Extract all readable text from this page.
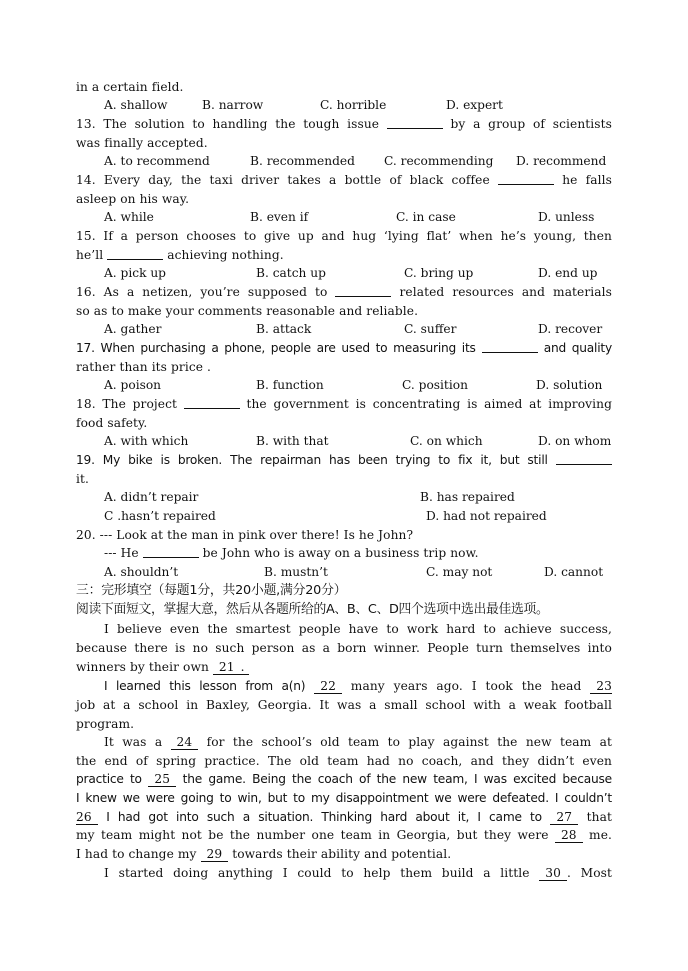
in a certain field.
A. shallow	B. narrow	C. horrible	D. expert
13. The solution to handling the tough issue	by a group of scientists
was finally accepted.
A. to recommend	B. recommended C. recommending D. recommend
14. Every day, the taxi driver takes a bottle of black coffee	he falls
asleep on his way.
A. while	B. even if	C. in case	D. unless
15. If a person chooses to give up and hug ‘lying flat’ when he’s young, then
he’ll	achieving nothing.
A. pick up	B. catch up	C. bring up	D. end up
16. As a netizen, you’re supposed to	related resources and materials
so as to make your comments reasonable and reliable.
A. gather	B. attack	C. suffer	D. recover
17. When purchasing a phone, people are used to measuring its	and quality
rather than its price .
A. poison	B. function	C. position	D. solution
18. The project	the government is concentrating is aimed at improving
food safety.
A. with which	B. with that	C. on which	D. on whom
19. My bike is broken. The repairman has been trying to fix it, but still
it.
A. didn’t repair	B. has repaired
C .hasn’t repaired	D. had not repaired
20. --- Look at the man in pink over there! Is he John?
--- He	be John who is away on a business trip now.
A. shouldn’t	B. mustn’t	C. may not	D. cannot
三：完形填空（每题1分，共20小题,满分20分）
阅读下面短文，掌握大意，然后从各题所给的A、B、C、D四个选项中选出最佳选项。
I believe even the smartest people have to work hard to achieve success,
because there is no such person as a born winner. People turn themselves into
winners by their own 21 .
I learned this lesson from a(n) 22 many years ago. I took the head 23
job at a school in Baxley, Georgia. It was a small school with a weak football
program.
It was a 24 for the school’s old team to play against the new team at
the end of spring practice. The old team had no coach, and they didn’t even
practice to 25 the game. Being the coach of the new team, I was excited because
I knew we were going to win, but to my disappointment we were defeated. I couldn’t
26 I had got into such a situation. Thinking hard about it, I came to 27 that
my team might not be the number one team in Georgia, but they were 28 me.
I had to change my 29 towards their ability and potential.
I started doing anything I could to help them build a little 30 . Most
